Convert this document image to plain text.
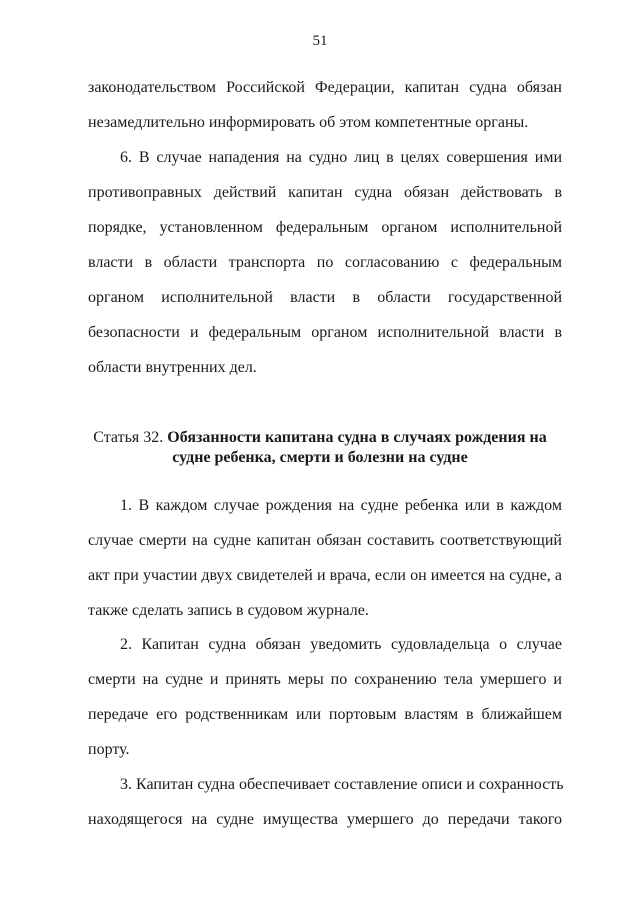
51

законодательством Российской Федерации, капитан судна обязан

незамедлительно информировать об этом компетентные органы.

6. В случае нападения на судно лиц в целях совершения ими

противоправных действий капитан судна обязан действовать в

порядке, установленном федеральным органом исполнительной

власти в области транспорта по согласованию с федеральным

органом исполнительной власти в области государственной

безопасности и федеральным органом исполнительной власти в

области внутренних дел.

Статья 32. Обязанности капитана судна в случаях рождения на

судне ребенка, смерти и болезни на судне

1. В каждом случае рождения на судне ребенка или в каждом

случае смерти на судне капитан обязан составить соответствующий

акт при участии двух свидетелей и врача, если он имеется на судне, а

также сделать запись в судовом журнале.

2. Капитан судна обязан уведомить судовладельца о случае

смерти на судне и принять меры по сохранению тела умершего и

передаче его родственникам или портовым властям в ближайшем

порту.

3. Капитан судна обеспечивает составление описи и сохранность

находящегося на судне имущества умершего до передачи такого
